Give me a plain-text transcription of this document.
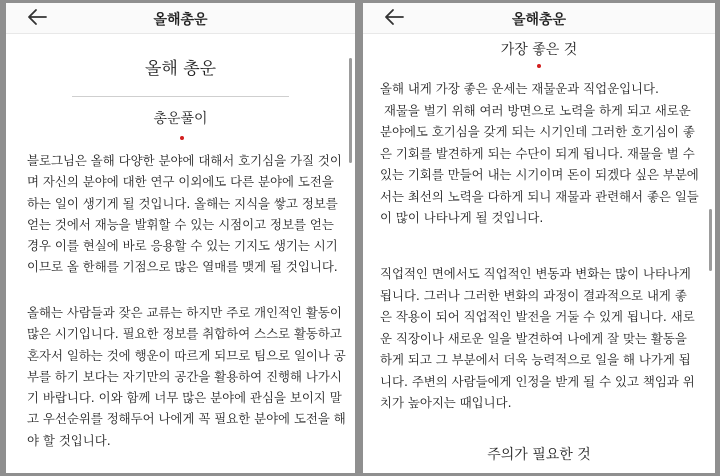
올해총운
올해 총운
총운풀이

블로그님은 올해 다양한 분야에 대해서 호기심을 가질 것이
며 자신의 분야에 대한 연구 이외에도 다른 분야에 도전을
하는 일이 생기게 될 것입니다. 올해는 지식을 쌓고 정보를
얻는 것에서 재능을 발휘할 수 있는 시점이고 정보를 얻는
경우 이를 현실에 바로 응용할 수 있는 기지도 생기는 시기
이므로 올 한해를 기점으로 많은 열매를 맺게 될 것입니다.

올해는 사람들과 잦은 교류는 하지만 주로 개인적인 활동이
많은 시기입니다. 필요한 정보를 취합하여 스스로 활동하고
혼자서 일하는 것에 행운이 따르게 되므로 팀으로 일이나 공
부를 하기 보다는 자기만의 공간을 활용하여 진행해 나가시
기 바랍니다. 이와 함께 너무 많은 분야에 관심을 보이지 말
고 우선순위를 정해두어 나에게 꼭 필요한 분야에 도전을 해
야 할 것입니다.

올해총운
가장 좋은 것

올해 내게 가장 좋은 운세는 재물운과 직업운입니다.
재물을 벌기 위해 여러 방면으로 노력을 하게 되고 새로운
분야에도 호기심을 갖게 되는 시기인데 그러한 호기심이 좋
은 기회를 발견하게 되는 수단이 되게 됩니다. 재물을 벌 수
있는 기회를 만들어 내는 시기이며 돈이 되겠다 싶은 부분에
서는 최선의 노력을 다하게 되니 재물과 관련해서 좋은 일들
이 많이 나타나게 될 것입니다.

직업적인 면에서도 직업적인 변동과 변화는 많이 나타나게
됩니다. 그러나 그러한 변화의 과정이 결과적으로 내게 좋
은 작용이 되어 직업적인 발전을 거둘 수 있게 됩니다. 새로
운 직장이나 새로운 일을 발견하여 나에게 잘 맞는 활동을
하게 되고 그 부분에서 더욱 능력적으로 일을 해 나가게 됩
니다. 주변의 사람들에게 인정을 받게 될 수 있고 책임과 위
치가 높아지는 때입니다.

주의가 필요한 것
